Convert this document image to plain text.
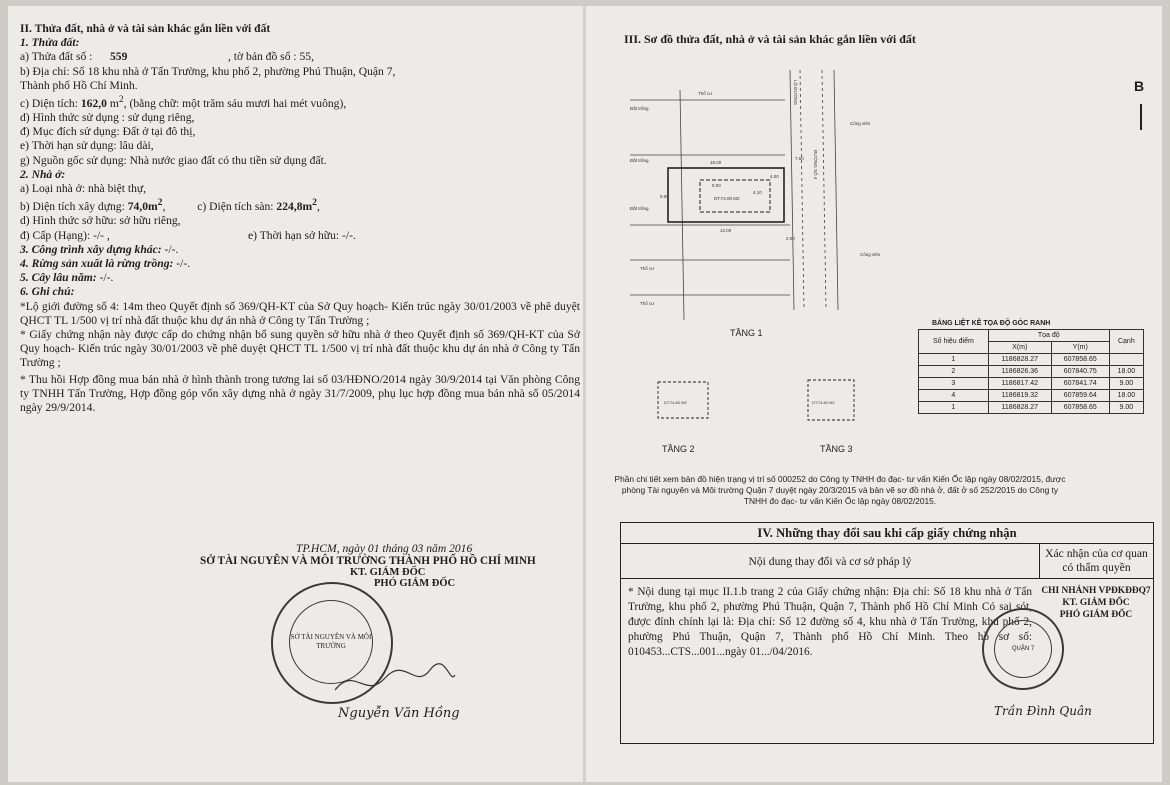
II. Thửa đất, nhà ở và tài sản khác gắn liền với đất
1. Thửa đất:
a) Thửa đất số : 559	, tờ bản đồ số : 55,
b) Địa chỉ: Số 18 khu nhà ở Tấn Trường, khu phố 2, phường Phú Thuận, Quận 7,
Thành phố Hồ Chí Minh.
c) Diện tích: 162,0 $m^2$, (bằng chữ: một trăm sáu mươi hai mét vuông),
d) Hình thức sử dụng : sử dụng riêng,
đ) Mục đích sử dụng: Đất ở tại đô thị,
e) Thời hạn sử dụng: lâu dài,
g) Nguồn gốc sử dụng: Nhà nước giao đất có thu tiền sử dụng đất.
2. Nhà ở:
a) Loại nhà ở: nhà biệt thự,
b) Diện tích xây dựng: $74,0m^2$,  c) Diện tích sàn: $224,8m^2$,
d) Hình thức sở hữu: sở hữu riêng,
đ) Cấp (Hạng): -/- ,	e) Thời hạn sở hữu: -/-.
3. Công trình xây dựng khác: -/-.
4. Rừng sản xuất là rừng trồng: -/-.
5. Cây lâu năm: -/-.
6. Ghi chú:
*Lộ giới đường số 4: 14m theo Quyết định số 369/QH-KT của Sở Quy hoạch- Kiến trúc ngày 30/01/2003 về phê duyệt QHCT TL 1/500 vị trí nhà đất thuộc khu dự án nhà ở Công ty Tấn Trường ;
* Giấy chứng nhận này được cấp do chứng nhận bổ sung quyền sở hữu nhà ở theo Quyết định số 369/QH-KT của Sở Quy hoạch- Kiến trúc ngày 30/01/2003 về phê duyệt QHCT TL 1/500 vị trí nhà đất thuộc khu dự án nhà ở Công ty Tấn Trường ;
* Thu hồi Hợp đồng mua bán nhà ở hình thành trong tương lai số 03/HĐNO/2014 ngày 30/9/2014 tại Văn phòng Công ty TNHH Tấn Trường, Hợp đồng góp vốn xây dựng nhà ở ngày 31/7/2009, phụ lục hợp đồng mua bán nhà số 05/2014 ngày 29/9/2014.
TP.HCM, ngày 01 tháng 03 năm 2016
SỞ TÀI NGUYÊN VÀ MÔI TRƯỜNG THÀNH PHỐ HỒ CHÍ MINH
KT. GIÁM ĐỐC
PHÓ GIÁM ĐỐC
SỞ TÀI NGUYÊN VÀ MÔI TRƯỜNG
Nguyễn Văn Hồng
III. Sơ đồ thửa đất, nhà ở và tài sản khác gắn liền với đất
B
18.00
12.00
4.00
9.00
7.60
2.00
4.10
5.00
DT:74.00 M2
Đất trống
Đất trống
Đất trống
Thổ cư
Thổ cư
Thổ cư
Công viên
Công viên
ĐƯỜNG SỐ 4
LỘ ĐƯỜNG
TẦNG 1
DT:74.80 M2
TẦNG 2
DT:74.80 M2
TẦNG 3
BẢNG LIỆT KÊ TỌA ĐỘ GÓC RANH
Số hiệu điểm	Tọa độ		Cạnh
	X(m)	Y(m)	
1	1186828.27	607858.65	
2	1186826.36	607840.75	18.00
3	1186817.42	607841.74	9.00
4	1186819.32	607859.64	18.00
1	1186828.27	607858.65	9.00
Phần chi tiết xem bản đồ hiện trạng vị trí số 000252 do Công ty TNHH đo đạc- tư vấn Kiến Ốc lập ngày 08/02/2015, được phòng Tài nguyên và Môi trường Quận 7 duyệt ngày 20/3/2015 và bản vẽ sơ đồ nhà ở, đất ở số 252/2015 do Công ty TNHH đo đạc- tư vấn Kiến Ốc lập ngày 08/02/2015.
IV. Những thay đổi sau khi cấp giấy chứng nhận
Nội dung thay đổi và cơ sở pháp lý
Xác nhận của cơ quan có thẩm quyền
* Nội dung tại mục II.1.b trang 2 của Giấy chứng nhận: Địa chỉ: Số 18 khu nhà ở Tấn Trường, khu phố 2, phường Phú Thuận, Quận 7, Thành phố Hồ Chí Minh Có sai sót, được đính chính lại là: Địa chỉ: Số 12 đường số 4, khu nhà ở Tấn Trường, khu phố 2, phường Phú Thuận, Quận 7, Thành phố Hồ Chí Minh. Theo hồ sơ số: 010453...CTS...001...ngày 01.../04/2016.
CHI NHÁNH VPĐKĐĐQ7
KT. GIÁM ĐỐC
PHÓ GIÁM ĐỐC
QUẬN 7
Trần Đình Quân
